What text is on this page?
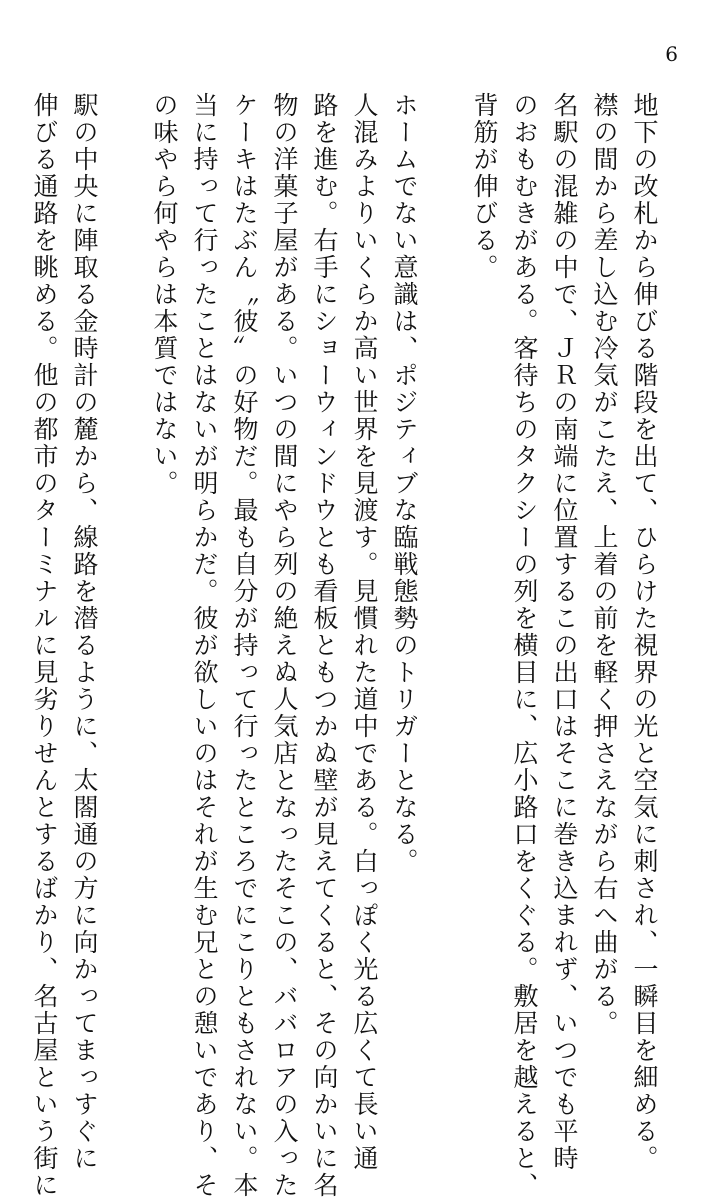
6
地下の改札から伸びる階段を出て、ひらけた視界の光と空気に刺され、一瞬目を細める。
襟の間から差し込む冷気がこたえ、上着の前を軽く押さえながら右へ曲がる。
名駅の混雑の中で、ＪＲの南端に位置するこの出口はそこに巻き込まれず、いつでも平時
のおもむきがある。客待ちのタクシーの列を横目に、広小路口をくぐる。敷居を越えると、
背筋が伸びる。
ホームでない意識は、ポジティブな臨戦態勢のトリガーとなる。
人混みよりいくらか高い世界を見渡す。見慣れた道中である。白っぽく光る広くて長い通
路を進む。右手にショーウィンドウとも看板ともつかぬ壁が見えてくると、その向かいに名
物の洋菓子屋がある。いつの間にやら列の絶えぬ人気店となったそこの、ババロアの入った
ケーキはたぶん〝彼〟の好物だ。最も自分が持って行ったところでにこりともされない。本
当に持って行ったことはないが明らかだ。彼が欲しいのはそれが生む兄との憩いであり、そ
の味やら何やらは本質ではない。
駅の中央に陣取る金時計の麓から、線路を潜るように、太閤通の方に向かってまっすぐに
伸びる通路を眺める。他の都市のターミナルに見劣りせんとするばかり、名古屋という街に
